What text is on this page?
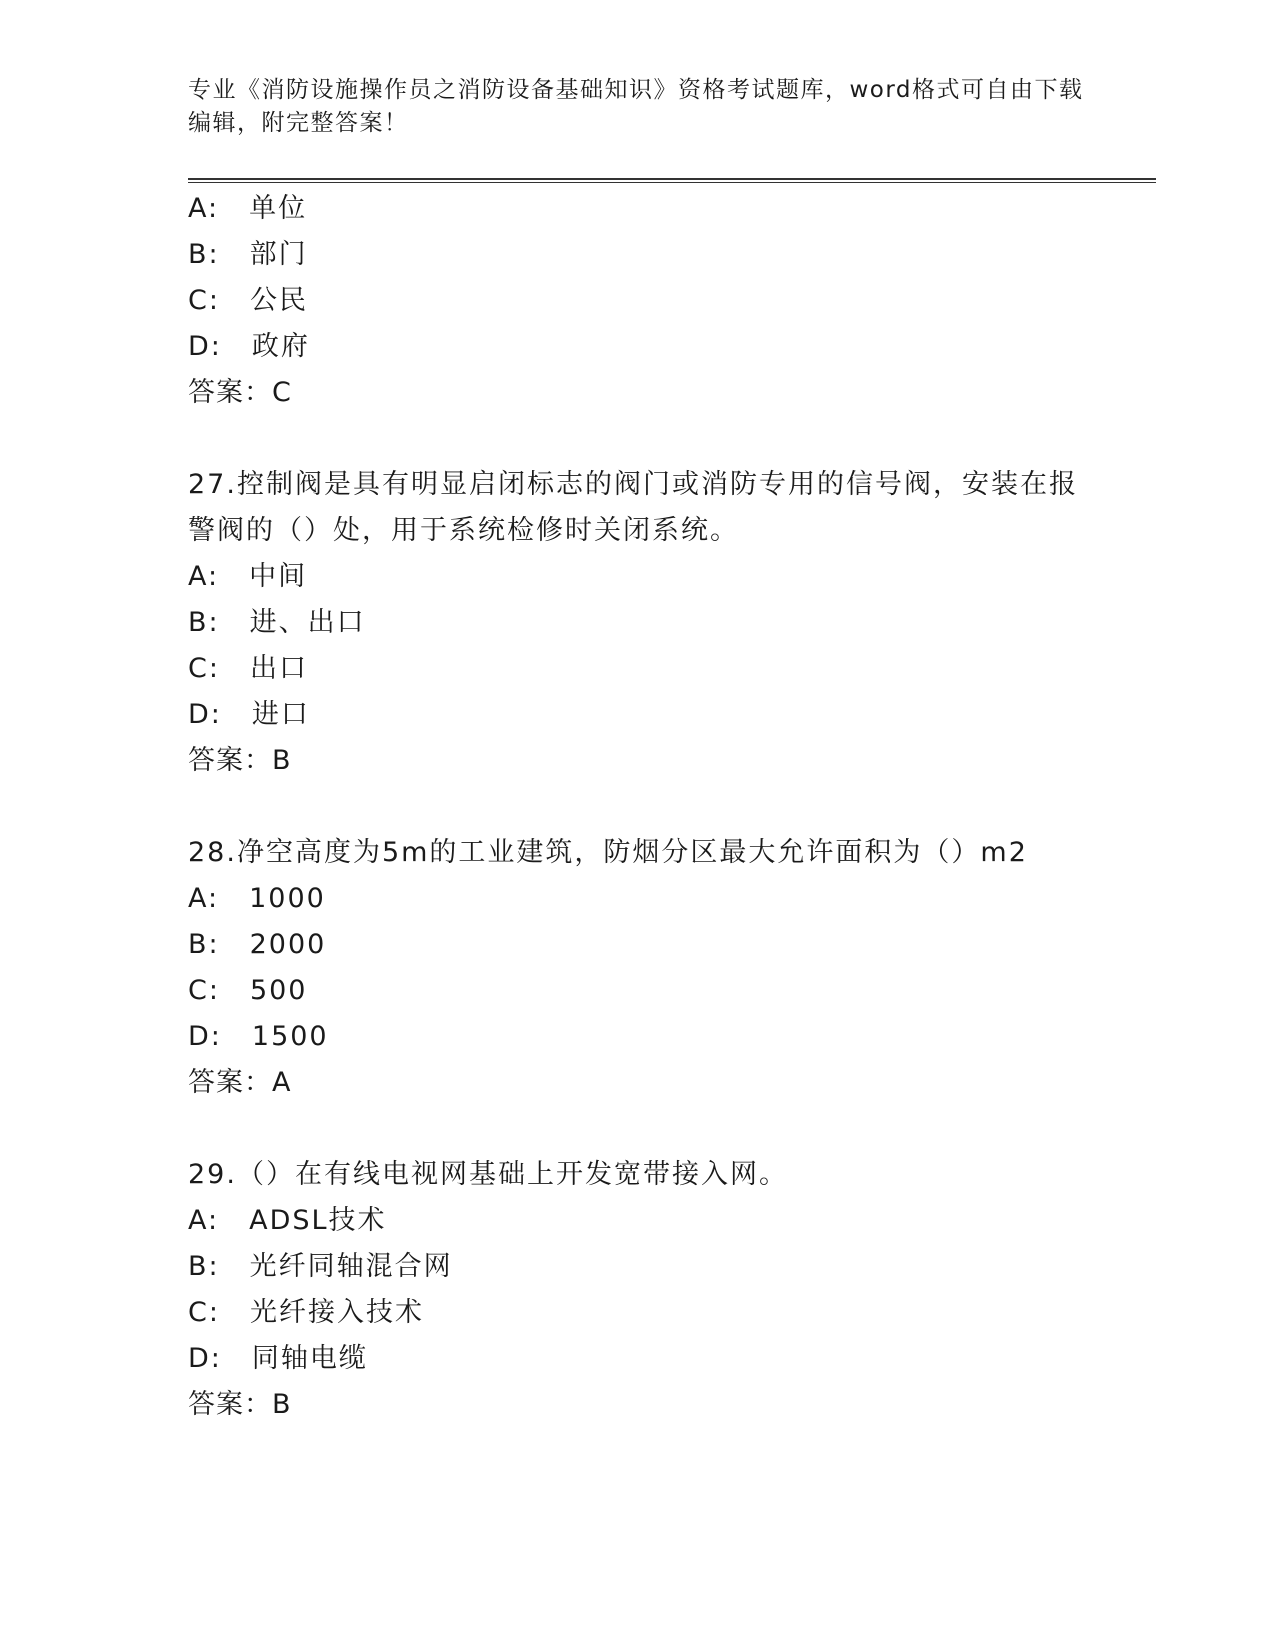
专业《消防设施操作员之消防设备基础知识》资格考试题库，word格式可自由下载编辑，附完整答案！
A: 单位
B: 部门
C: 公民
D: 政府
答案：C
27.控制阀是具有明显启闭标志的阀门或消防专用的信号阀，安装在报警阀的（）处，用于系统检修时关闭系统。
A: 中间
B: 进、出口
C: 出口
D: 进口
答案：B
28.净空高度为5m的工业建筑，防烟分区最大允许面积为（）m2
A: 1000
B: 2000
C: 500
D: 1500
答案：A
29.（）在有线电视网基础上开发宽带接入网。
A: ADSL技术
B: 光纤同轴混合网
C: 光纤接入技术
D: 同轴电缆
答案：B
